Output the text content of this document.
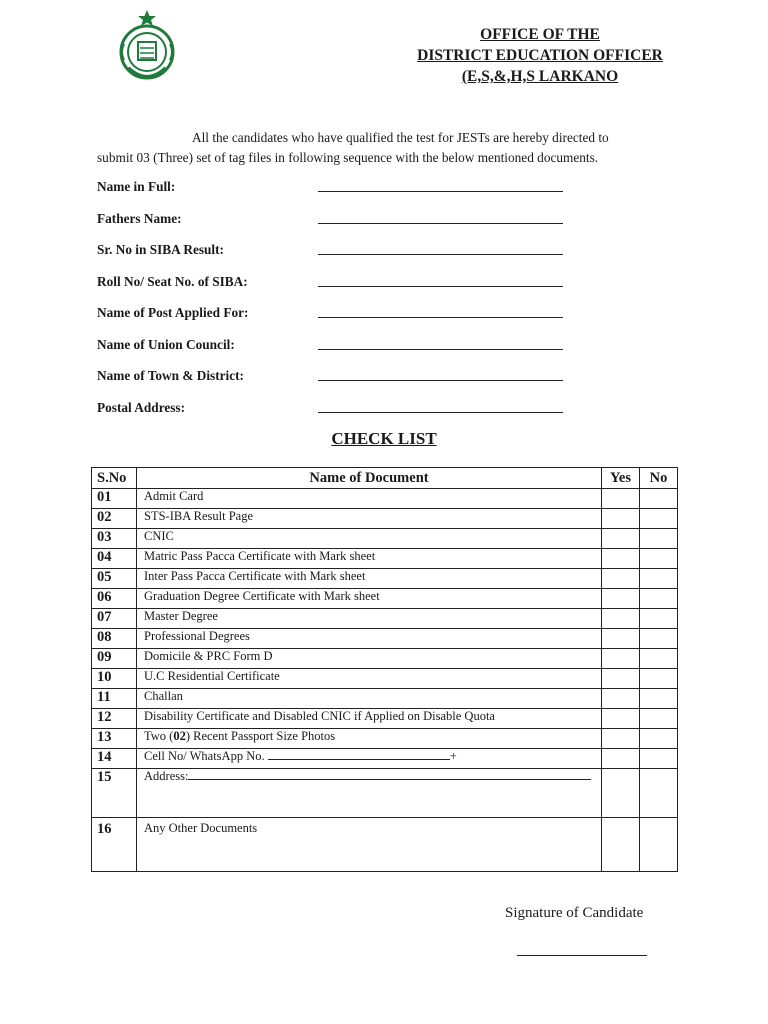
OFFICE OF THE
DISTRICT EDUCATION OFFICER
(E,S,&,H,S LARKANO
All the candidates who have qualified the test for JESTs are hereby directed to
submit 03 (Three) set of tag files in following sequence with the below mentioned documents.
Name in Full:
Fathers Name:
Sr. No in SIBA Result:
Roll No/ Seat No. of SIBA:
Name of Post Applied For:
Name of Union Council:
Name of Town & District:
Postal Address:
CHECK LIST
S.No	Name of Document	Yes	No
01	Admit Card		
02	STS-IBA Result Page		
03	CNIC		
04	Matric Pass Pacca Certificate with Mark sheet		
05	Inter Pass Pacca Certificate with Mark sheet		
06	Graduation Degree Certificate with Mark sheet		
07	Master Degree		
08	Professional Degrees		
09	Domicile & PRC Form D		
10	U.C Residential Certificate		
11	Challan		
12	Disability Certificate and Disabled CNIC if Applied on Disable Quota		
13	Two (02) Recent Passport Size Photos		
14	Cell No/ WhatsApp No. +		
15	Address:		
16	Any Other Documents		
Signature of Candidate
